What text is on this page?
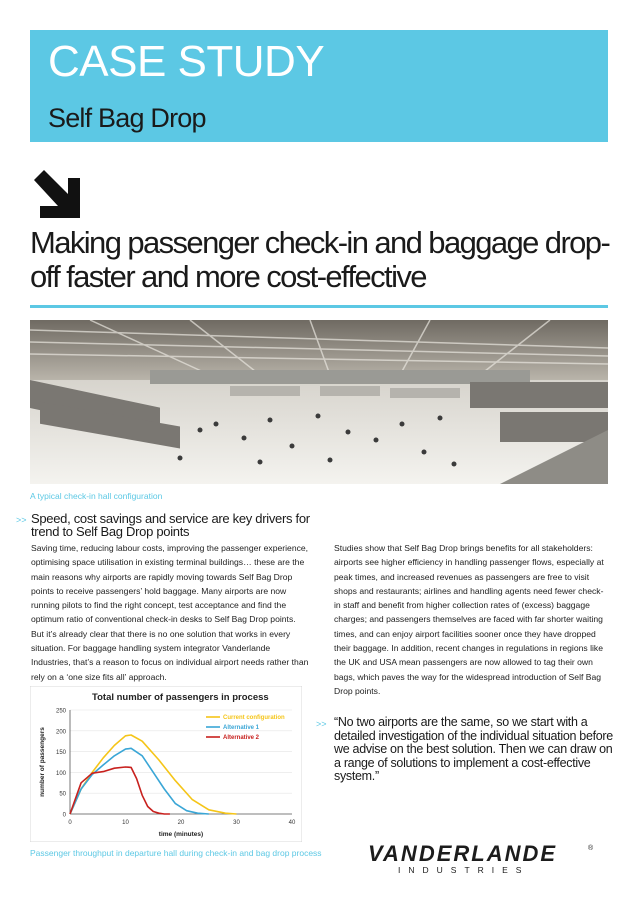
CASE STUDY
Self Bag Drop
Making passenger check-in and baggage drop-off faster and more cost-effective
A typical check-in hall configuration
>> Speed, cost savings and service are key drivers for trend to Self Bag Drop points
Saving time, reducing labour costs, improving the passenger experience, optimising space utilisation in existing terminal buildings… these are the main reasons why airports are rapidly moving towards Self Bag Drop points to receive passengers’ hold baggage. Many airports are now running pilots to find the right concept, test acceptance and find the optimum ratio of conventional check-in desks to Self Bag Drop points. But it’s already clear that there is no one solution that works in every situation. For baggage handling system integrator Vanderlande Industries, that’s a reason to focus on individual airport needs rather than rely on a ‘one size fits all’ approach.
Studies show that Self Bag Drop brings benefits for all stakeholders: airports see higher efficiency in handling passenger flows, especially at peak times, and increased revenues as passengers are free to visit shops and restaurants; airlines and handling agents need fewer check-in staff and benefit from higher collection rates of (excess) baggage charges; and passengers themselves are faced with far shorter waiting times, and can enjoy airport facilities sooner once they have dropped their baggage. In addition, recent changes in regulations in regions like the UK and USA mean passengers are now allowed to tag their own bags, which paves the way for the widespread introduction of Self Bag Drop points.
>> “No two airports are the same, so we start with a detailed investigation of the individual situation before we advise on the best solution. Then we can draw on a range of solutions to implement a cost-effective system.”
Total number of passengers in process
0
50
100
150
200
250
0	10	20	30	40
time (minutes)
number of passengers
Current configuration
Alternative 1
Alternative 2
Passenger throughput in departure hall during check-in and bag drop process VANDERLANDE
INDUSTRIES
®
